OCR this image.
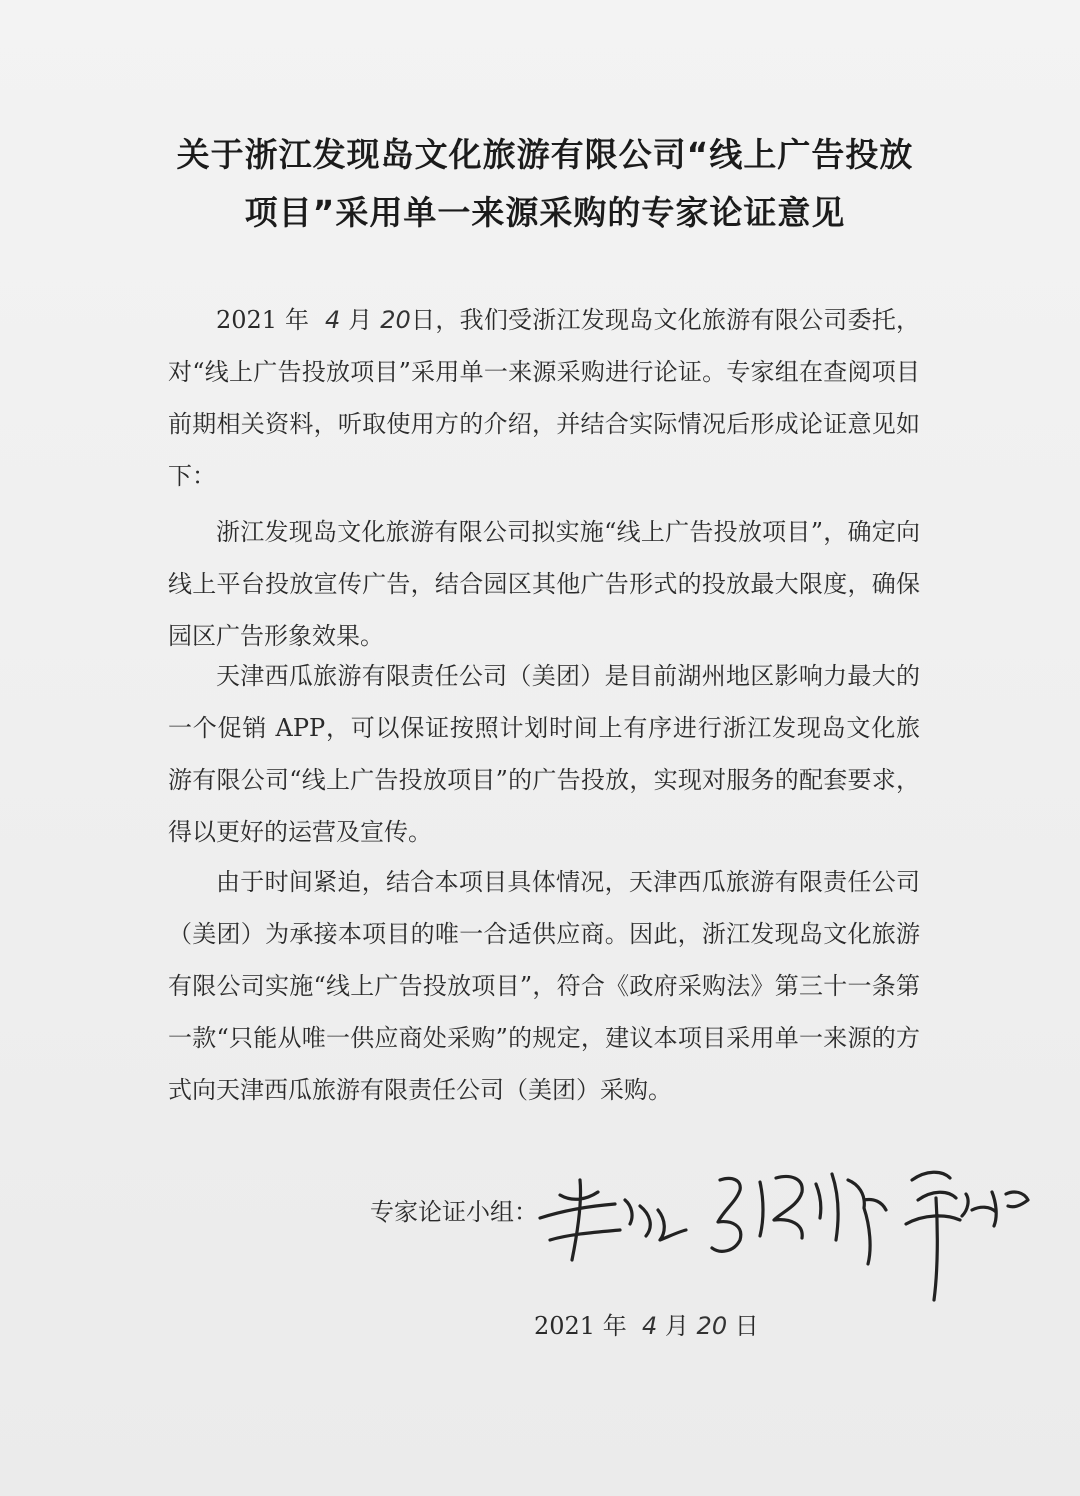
关于浙江发现岛文化旅游有限公司“线上广告投放
项目”采用单一来源采购的专家论证意见

2021 年 4 月 20日，我们受浙江发现岛文化旅游有限公司委托，对“线上广告投放项目”采用单一来源采购进行论证。专家组在查阅项目前期相关资料，听取使用方的介绍，并结合实际情况后形成论证意见如下：

浙江发现岛文化旅游有限公司拟实施“线上广告投放项目”，确定向线上平台投放宣传广告，结合园区其他广告形式的投放最大限度，确保园区广告形象效果。

天津西瓜旅游有限责任公司（美团）是目前湖州地区影响力最大的一个促销 APP，可以保证按照计划时间上有序进行浙江发现岛文化旅游有限公司“线上广告投放项目”的广告投放，实现对服务的配套要求，得以更好的运营及宣传。

由于时间紧迫，结合本项目具体情况，天津西瓜旅游有限责任公司（美团）为承接本项目的唯一合适供应商。因此，浙江发现岛文化旅游有限公司实施“线上广告投放项目”，符合《政府采购法》第三十一条第一款“只能从唯一供应商处采购”的规定，建议本项目采用单一来源的方式向天津西瓜旅游有限责任公司（美团）采购。

专家论证小组：
2021 年 4 月 20 日
